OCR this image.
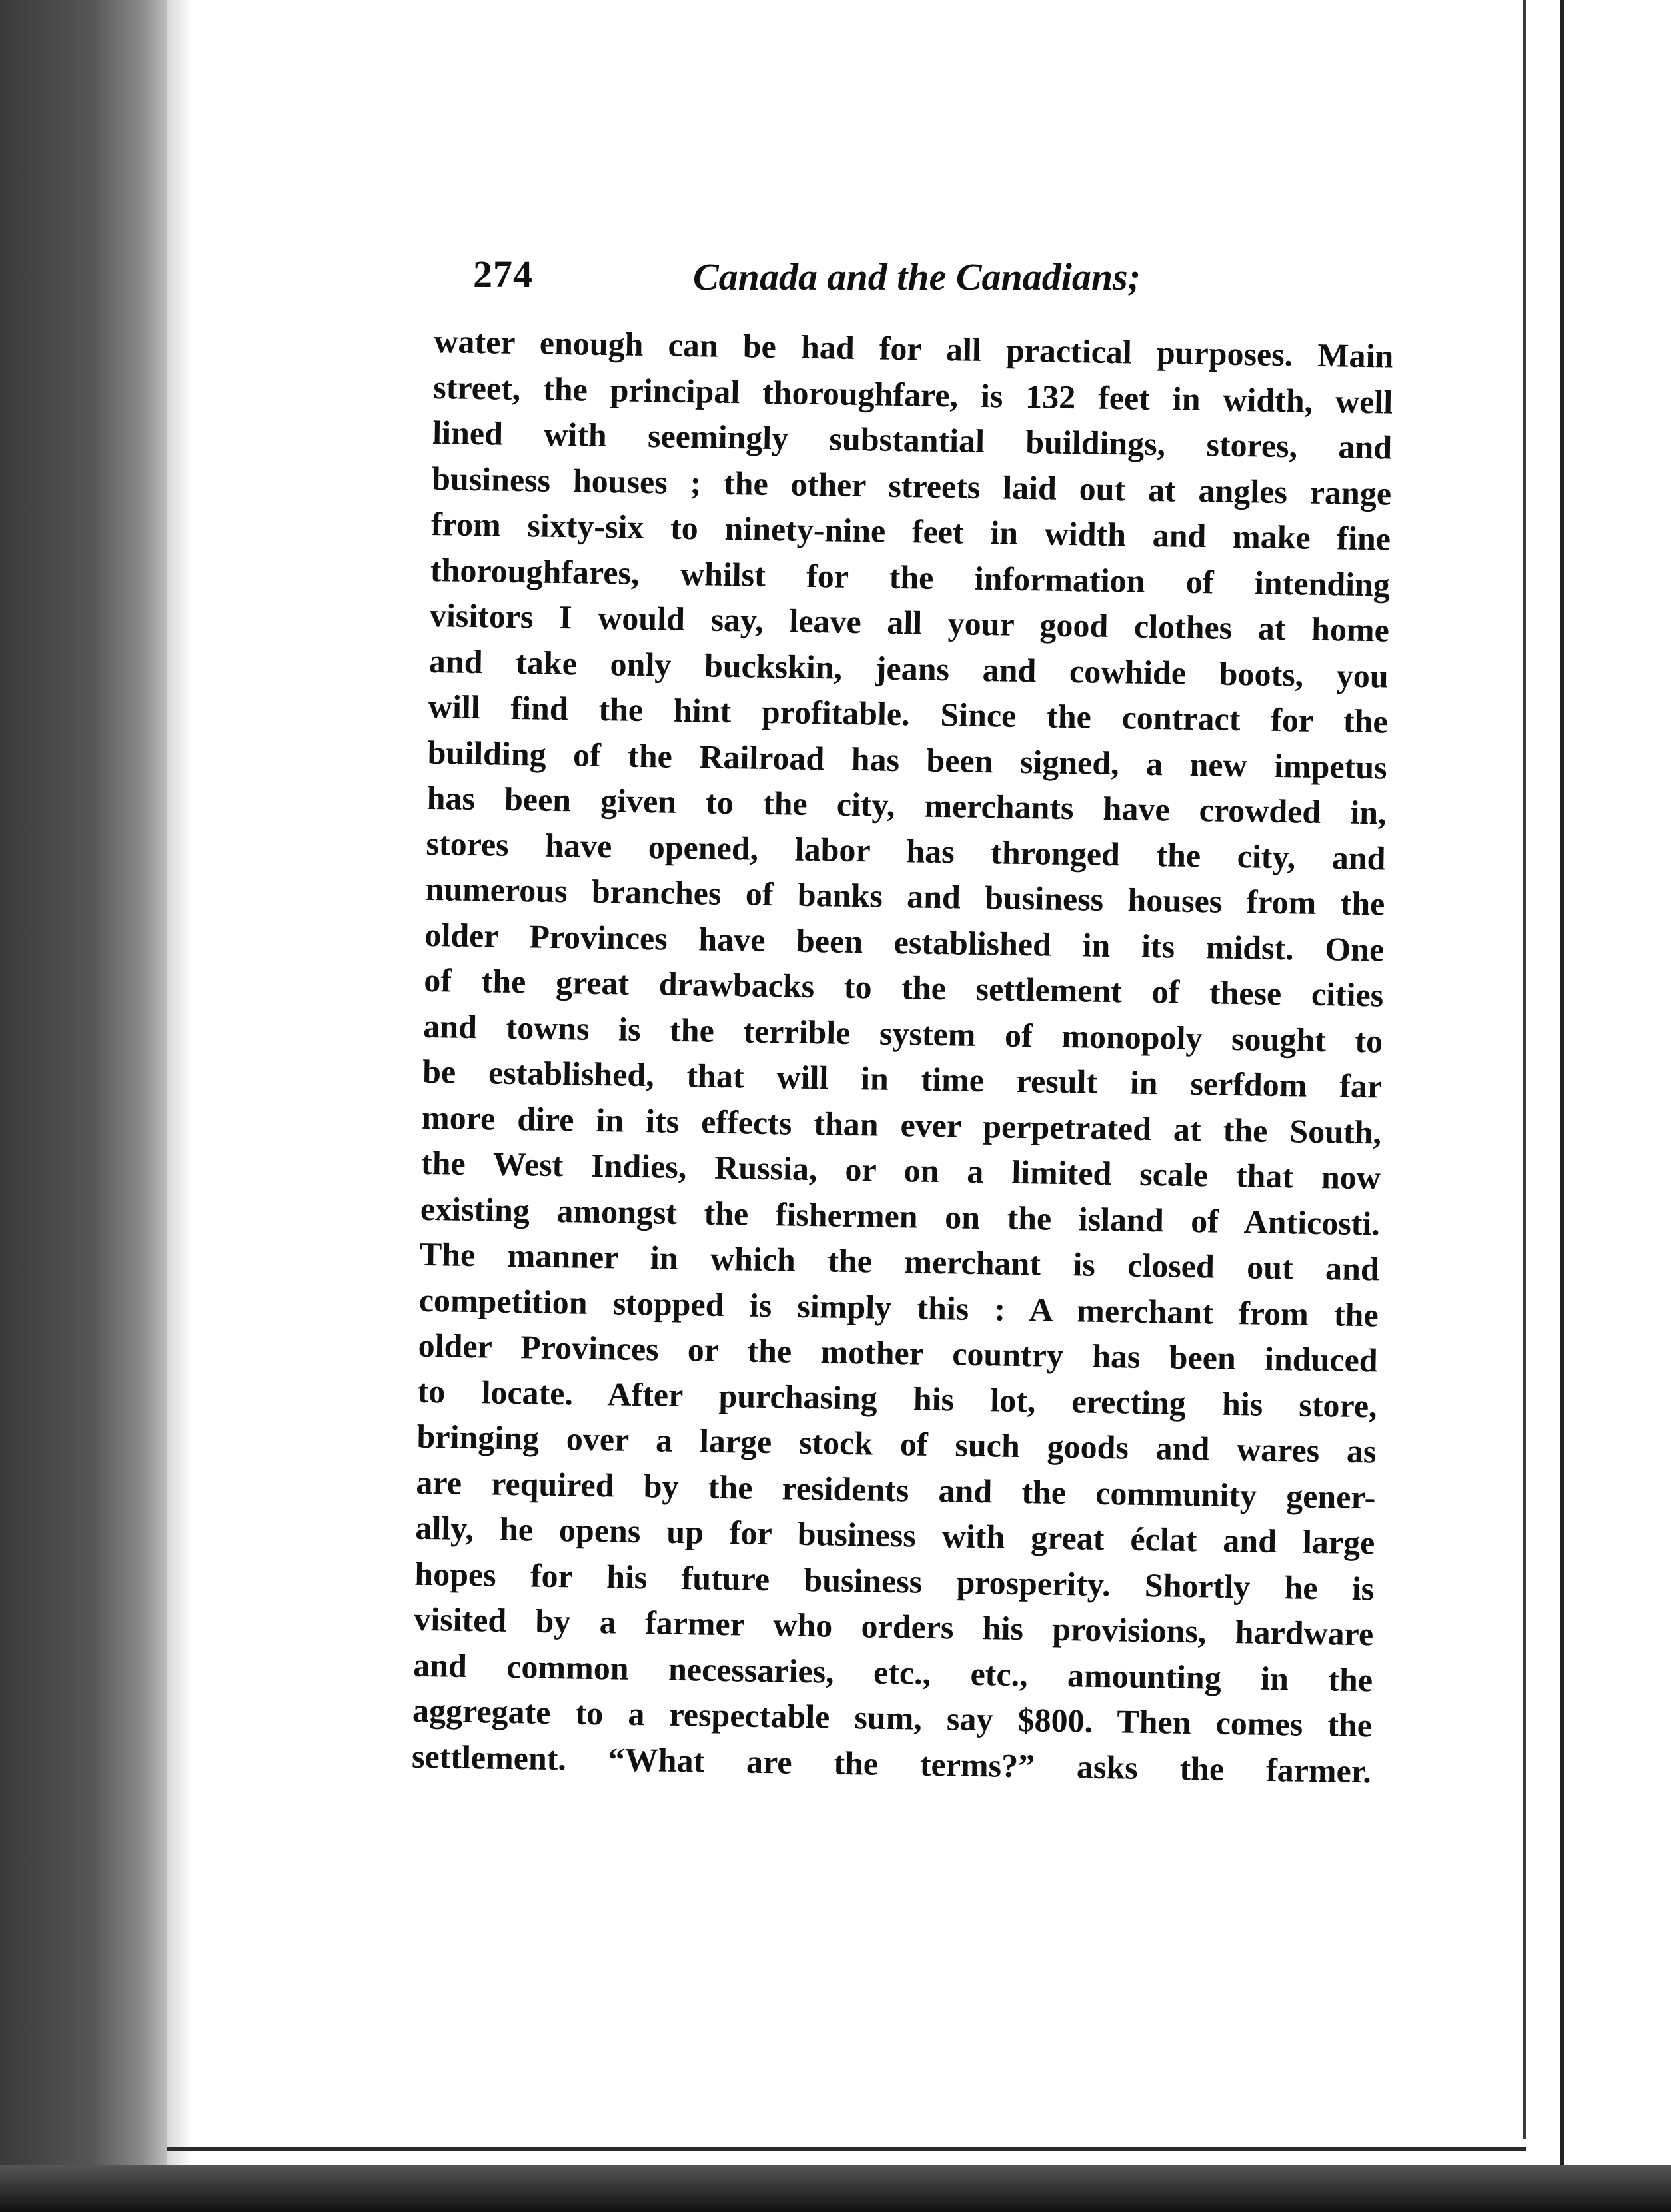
274	Canada and the Canadians;
water enough can be had for all practical purposes. Main
street, the principal thoroughfare, is 132 feet in width, well
lined with seemingly substantial buildings, stores, and
business houses ; the other streets laid out at angles range
from sixty-six to ninety-nine feet in width and make fine
thoroughfares, whilst for the information of intending
visitors I would say, leave all your good clothes at home
and take only buckskin, jeans and cowhide boots, you
will find the hint profitable. Since the contract for the
building of the Railroad has been signed, a new impetus
has been given to the city, merchants have crowded in,
stores have opened, labor has thronged the city, and
numerous branches of banks and business houses from the
older Provinces have been established in its midst. One
of the great drawbacks to the settlement of these cities
and towns is the terrible system of monopoly sought to
be established, that will in time result in serfdom far
more dire in its effects than ever perpetrated at the South,
the West Indies, Russia, or on a limited scale that now
existing amongst the fishermen on the island of Anticosti.
The manner in which the merchant is closed out and
competition stopped is simply this : A merchant from the
older Provinces or the mother country has been induced
to locate. After purchasing his lot, erecting his store,
bringing over a large stock of such goods and wares as
are required by the residents and the community gener-
ally, he opens up for business with great éclat and large
hopes for his future business prosperity. Shortly he is
visited by a farmer who orders his provisions, hardware
and common necessaries, etc., etc., amounting in the
aggregate to a respectable sum, say $800. Then comes the
settlement. “What are the terms?” asks the farmer.
